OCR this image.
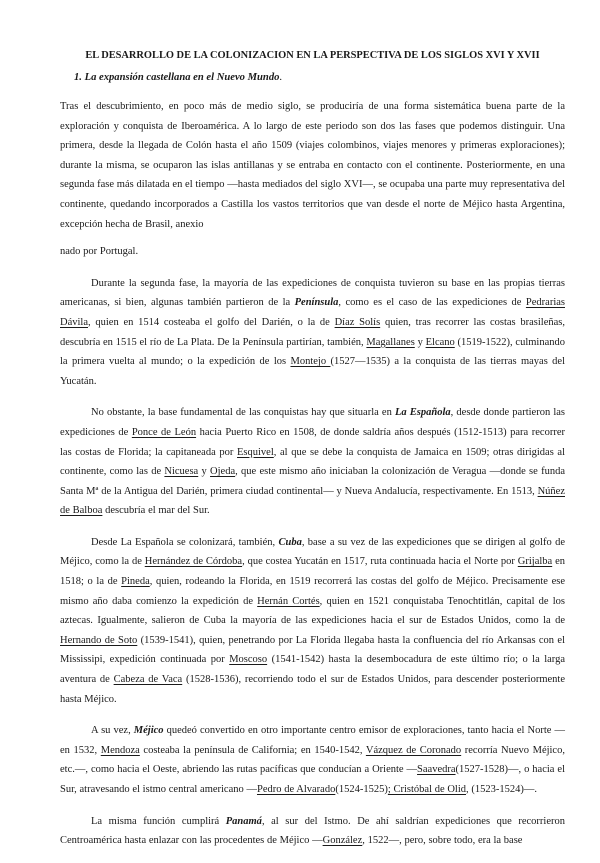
EL DESARROLLO DE LA COLONIZACION EN LA PERSPECTIVA DE LOS SIGLOS XVI Y XVII
1. La expansión castellana en el Nuevo Mundo.

Tras el descubrimiento, en poco más de medio siglo, se produciría de una forma sistemática buena parte de la exploración y conquista de Iberoamérica. A lo largo de este periodo son dos las fases que podemos distinguir. Una primera, desde la llegada de Colón hasta el año 1509 (viajes colombinos, viajes menores y primeras exploraciones); durante la misma, se ocuparon las islas antillanas y se entraba en contacto con el continente. Posteriormente, en una segunda fase más dilatada en el tiempo —hasta mediados del siglo XVI—, se ocupaba una parte muy representativa del continente, quedando incorporados a Castilla los vastos territorios que van desde el norte de Méjico hasta Argentina, excepción hecha de Brasil, anexio

nado por Portugal.

Durante la segunda fase, la mayoría de las expediciones de conquista tuvieron su base en las propias tierras americanas, si bien, algunas también partieron de la Península, como es el caso de las expediciones de Pedrarias Dávila, quien en 1514 costeaba el golfo del Darién, o la de Díaz Solís quien, tras recorrer las costas brasileñas, descubría en 1515 el río de La Plata. De la Península partirían, también, Magallanes y Elcano (1519-1522), culminando la primera vuelta al mundo; o la expedición de los Montejo (1527—1535) a la conquista de las tierras mayas del Yucatán.

No obstante, la base fundamental de las conquistas hay que situarla en La Española, desde donde partieron las expediciones de Ponce de León hacia Puerto Rico en 1508, de donde saldría años después (1512-1513) para recorrer las costas de Florida; la capitaneada por Esquivel, al que se debe la conquista de Jamaica en 1509; otras dirigidas al continente, como las de Nicuesa y Ojeda, que este mismo año iniciaban la colonización de Veragua —donde se funda Santa Mª de la Antigua del Darién, primera ciudad continental— y Nueva Andalucía, respectivamente. En 1513, Núñez de Balboa descubría el mar del Sur.

Desde La Española se colonizará, también, Cuba, base a su vez de las expediciones que se dirigen al golfo de Méjico, como la de Hernández de Córdoba, que costea Yucatán en 1517, ruta continuada hacia el Norte por Grijalba en 1518; o la de Pineda, quien, rodeando la Florida, en 1519 recorrerá las costas del golfo de Méjico. Precisamente ese mismo año daba comienzo la expedición de Hernán Cortés, quien en 1521 conquistaba Tenochtitlán, capital de los aztecas. Igualmente, salieron de Cuba la mayoría de las expediciones hacia el sur de Estados Unidos, como la de Hernando de Soto (1539-1541), quien, penetrando por La Florida llegaba hasta la confluencia del río Arkansas con el Mississipi, expedición continuada por Moscoso (1541-1542) hasta la desembocadura de este último río; o la larga aventura de Cabeza de Vaca (1528-1536), recorriendo todo el sur de Estados Unidos, para descender posteriormente hasta Méjico.

A su vez, Méjico quedeó convertido en otro importante centro emisor de exploraciones, tanto hacia el Norte —en 1532, Mendoza costeaba la península de California; en 1540-1542, Vázquez de Coronado recorría Nuevo Méjico, etc.—, como hacia el Oeste, abriendo las rutas pacíficas que conducían a Oriente —Saavedra(1527-1528)—, o hacia el Sur, atravesando el istmo central americano —Pedro de Alvarado(1524-1525); Cristóbal de Olid, (1523-1524)—.

La misma función cumplirá Panamá, al sur del Istmo. De ahí saldrían expediciones que recorrieron Centroamérica hasta enlazar con las procedentes de Méjico —González, 1522—, pero, sobre todo, era la base
